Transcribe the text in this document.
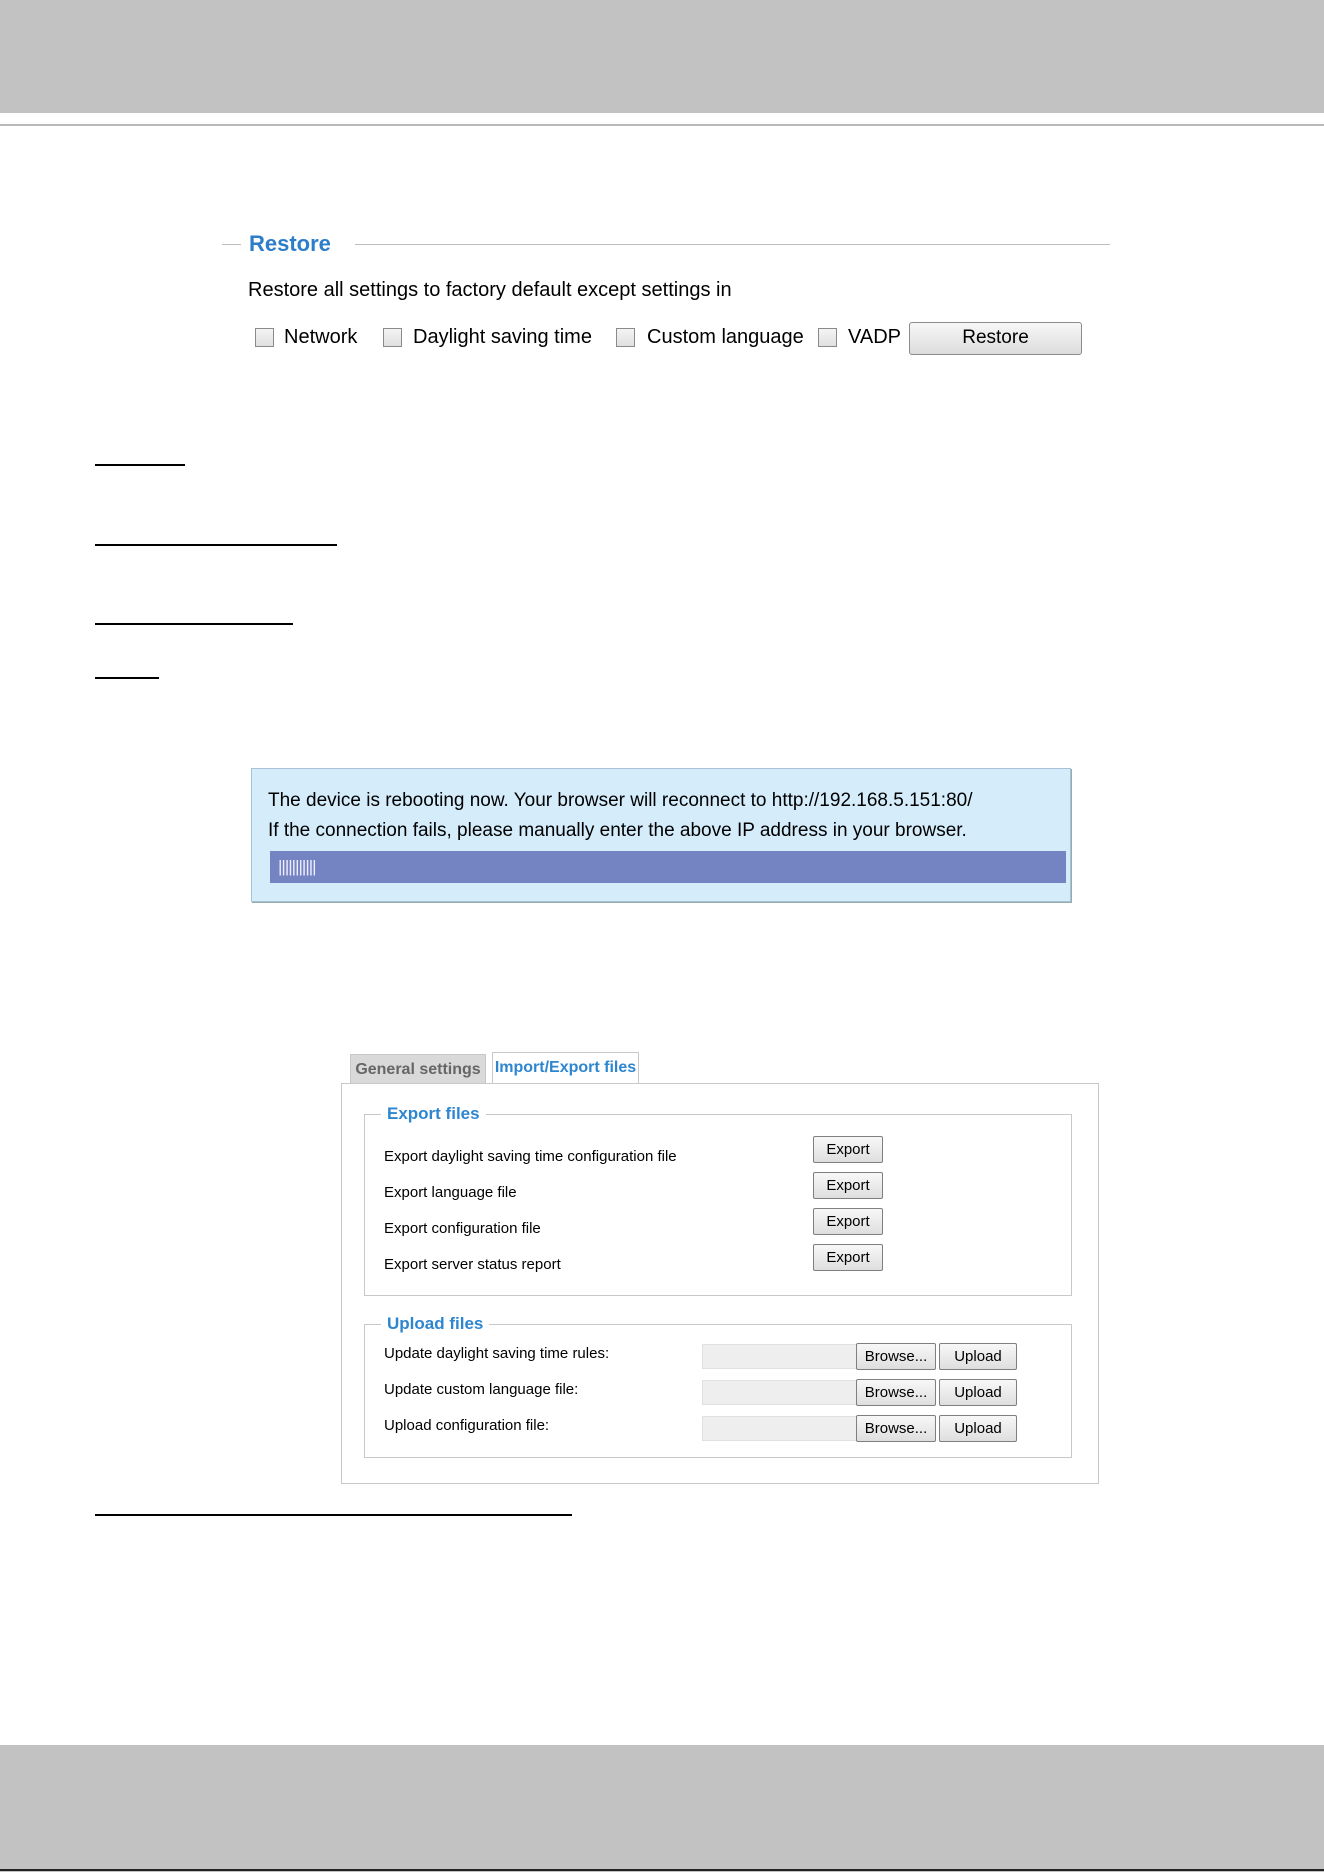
Restore
Restore all settings to factory default except settings in
Network	Daylight saving time	Custom language VADP	Restore
The device is rebooting now. Your browser will reconnect to http://192.168.5.151:80/
If the connection fails, please manually enter the above IP address in your browser.
|||||||||||
General settings Import/Export files
Export files
Export daylight saving time configuration file	Export
Export language file	Export
Export configuration file	Export
Export server status report	Export
Upload files
Update daylight saving time rules:	Browse...	Upload
Update custom language file:	Browse...	Upload
Upload configuration file:	Browse...	Upload
